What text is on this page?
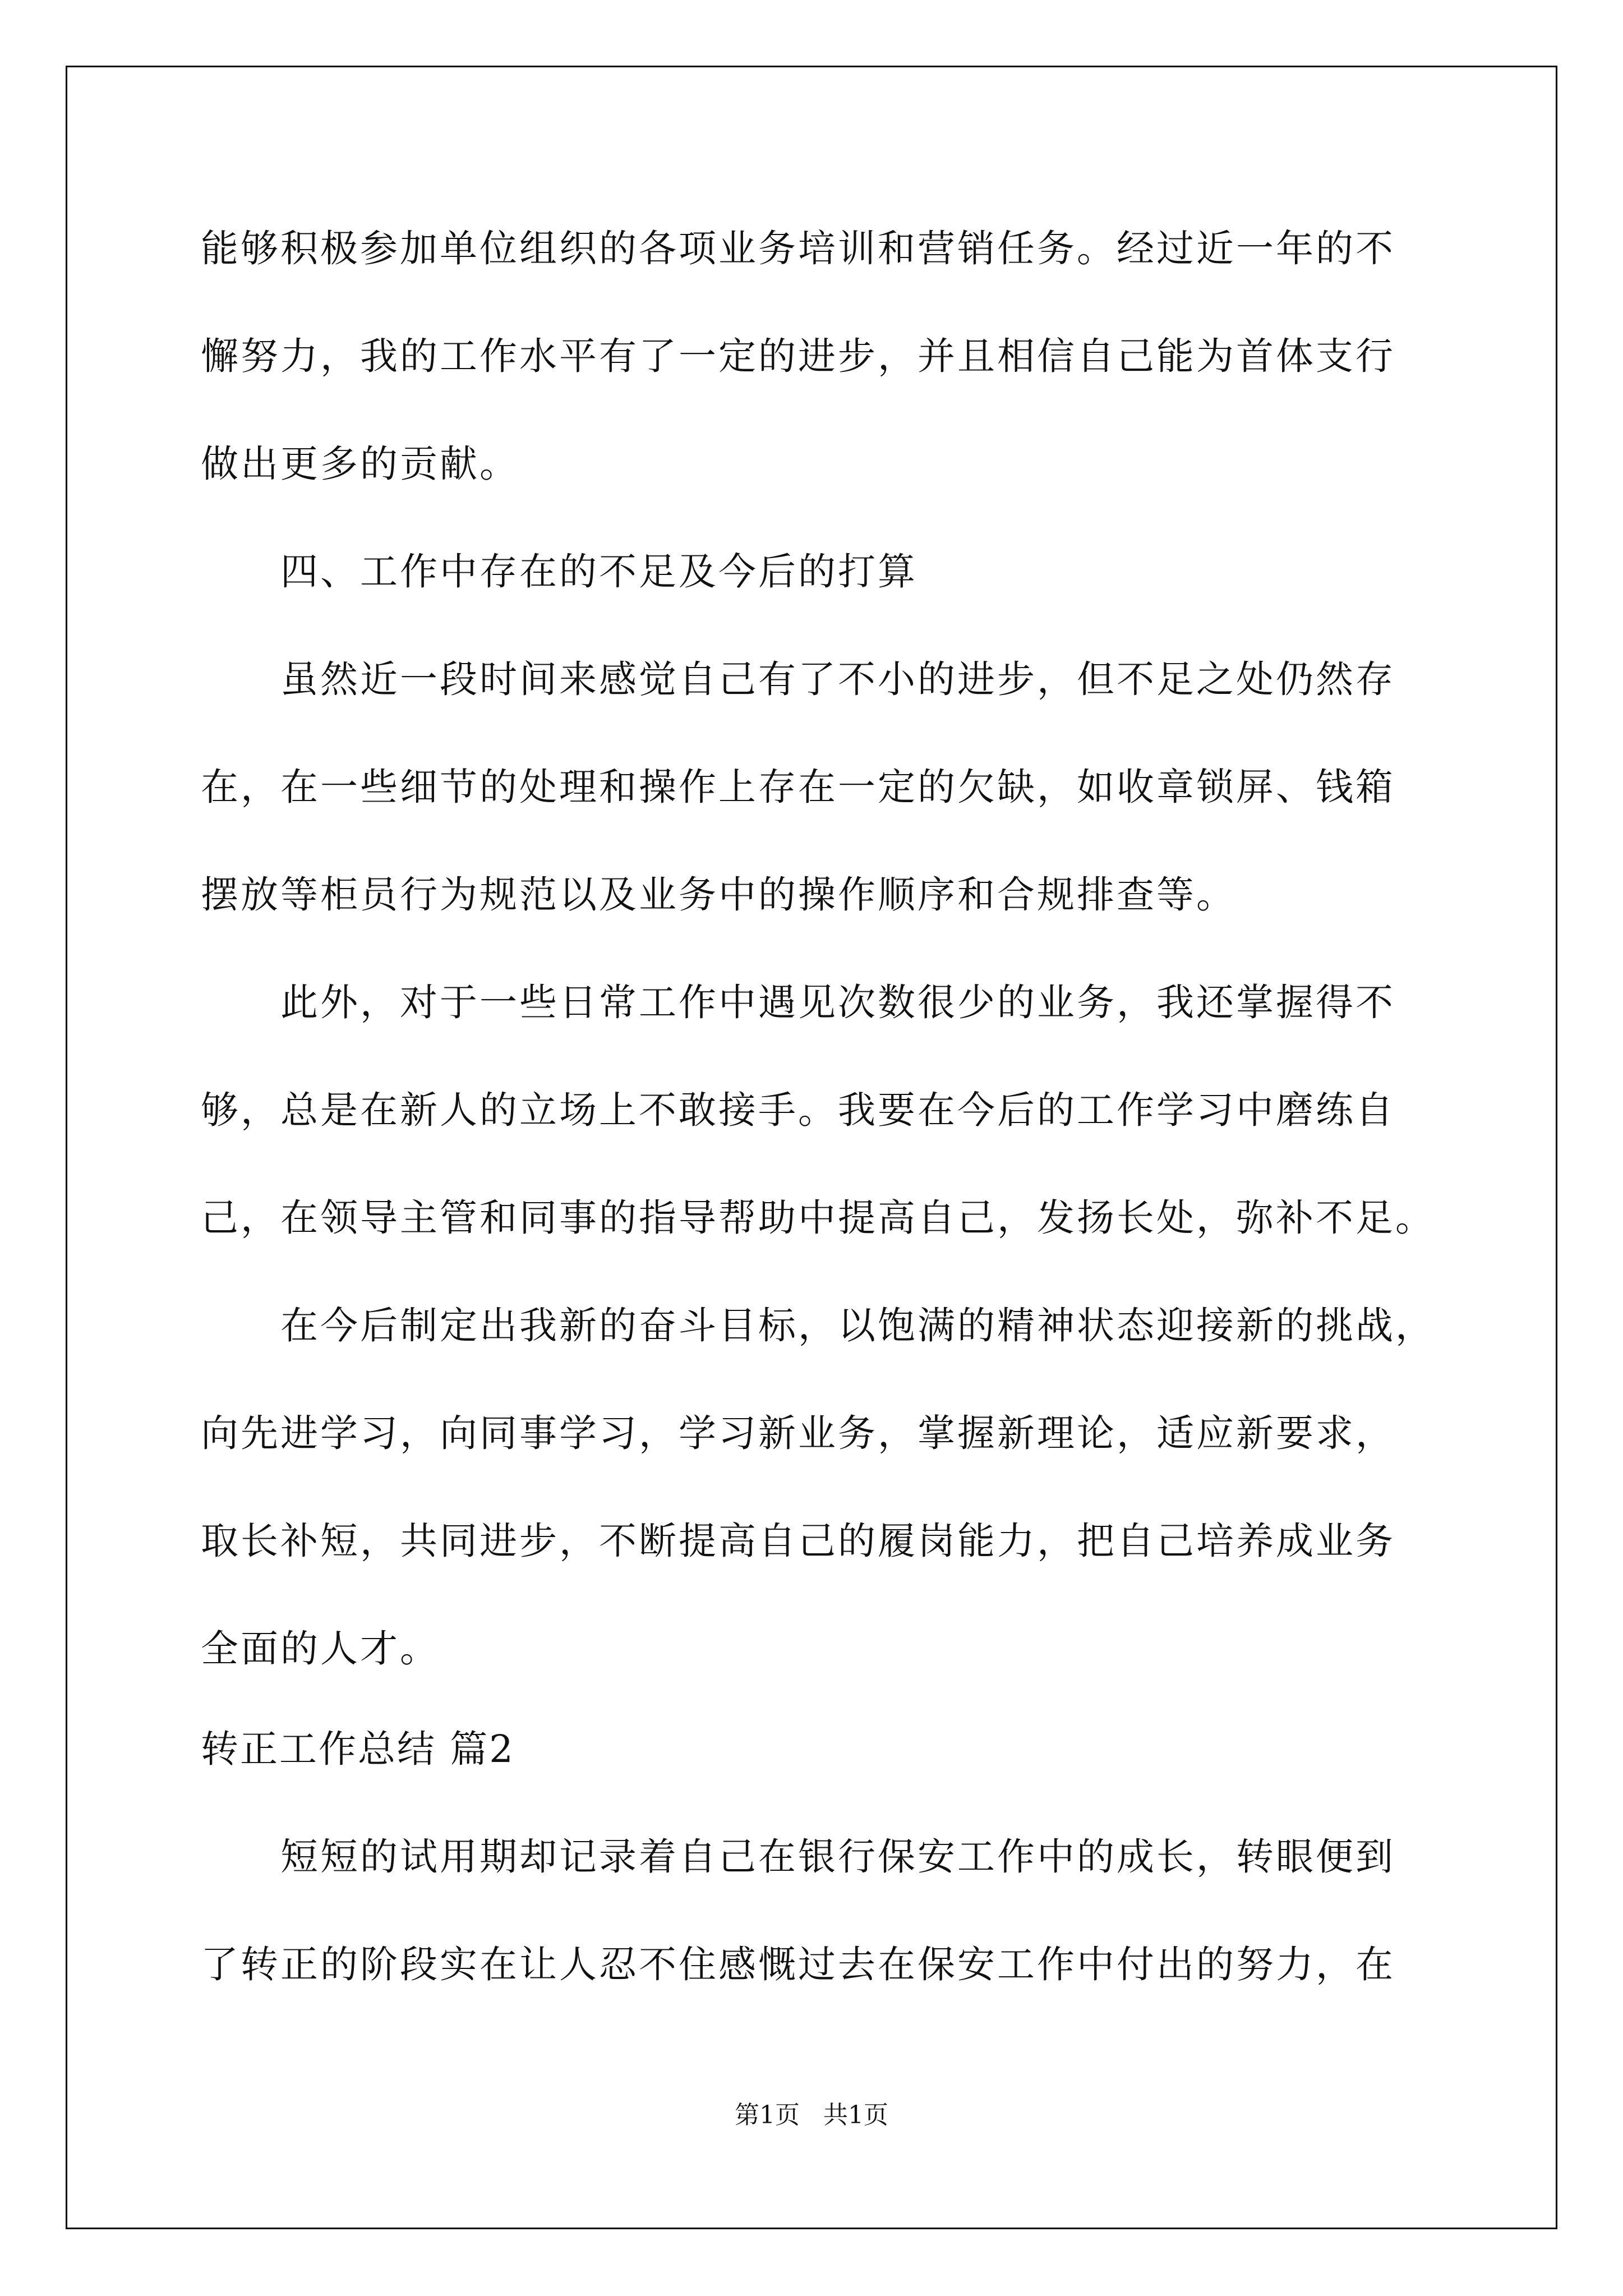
能够积极参加单位组织的各项业务培训和营销任务。经过近一年的不
懈努力，我的工作水平有了一定的进步，并且相信自己能为首体支行
做出更多的贡献。
四、工作中存在的不足及今后的打算
虽然近一段时间来感觉自己有了不小的进步，但不足之处仍然存
在，在一些细节的处理和操作上存在一定的欠缺，如收章锁屏、钱箱
摆放等柜员行为规范以及业务中的操作顺序和合规排查等。
此外，对于一些日常工作中遇见次数很少的业务，我还掌握得不
够，总是在新人的立场上不敢接手。我要在今后的工作学习中磨练自
己，在领导主管和同事的指导帮助中提高自己，发扬长处，弥补不足。
在今后制定出我新的奋斗目标，以饱满的精神状态迎接新的挑战，
向先进学习，向同事学习，学习新业务，掌握新理论，适应新要求，
取长补短，共同进步，不断提高自己的履岗能力，把自己培养成业务
全面的人才。
转正工作总结 篇2
短短的试用期却记录着自己在银行保安工作中的成长，转眼便到
了转正的阶段实在让人忍不住感慨过去在保安工作中付出的努力，在
第1页   共1页
